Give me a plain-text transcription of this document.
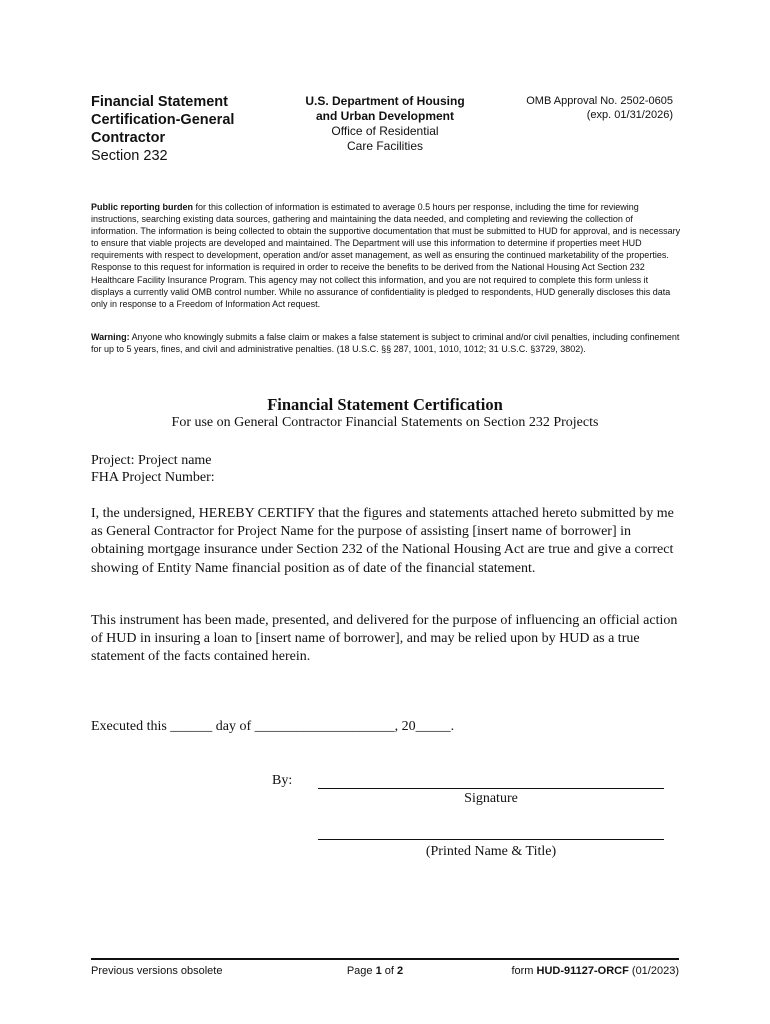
Financial Statement
Certification-General
Contractor
Section 232
U.S. Department of Housing
and Urban Development
Office of Residential
Care Facilities
OMB Approval No. 2502-0605
(exp. 01/31/2026)
Public reporting burden for this collection of information is estimated to average 0.5 hours per response, including the time for reviewing instructions, searching existing data sources, gathering and maintaining the data needed, and completing and reviewing the collection of information. The information is being collected to obtain the supportive documentation that must be submitted to HUD for approval, and is necessary to ensure that viable projects are developed and maintained. The Department will use this information to determine if properties meet HUD requirements with respect to development, operation and/or asset management, as well as ensuring the continued marketability of the properties. Response to this request for information is required in order to receive the benefits to be derived from the National Housing Act Section 232 Healthcare Facility Insurance Program. This agency may not collect this information, and you are not required to complete this form unless it displays a currently valid OMB control number. While no assurance of confidentiality is pledged to respondents, HUD generally discloses this data only in response to a Freedom of Information Act request.
Warning: Anyone who knowingly submits a false claim or makes a false statement is subject to criminal and/or civil penalties, including confinement for up to 5 years, fines, and civil and administrative penalties. (18 U.S.C. §§ 287, 1001, 1010, 1012; 31 U.S.C. §3729, 3802).
Financial Statement Certification
For use on General Contractor Financial Statements on Section 232 Projects
Project: Project name
FHA Project Number:
I, the undersigned, HEREBY CERTIFY that the figures and statements attached hereto submitted by me as General Contractor for Project Name for the purpose of assisting [insert name of borrower] in obtaining mortgage insurance under Section 232 of the National Housing Act are true and give a correct showing of Entity Name financial position as of date of the financial statement.
This instrument has been made, presented, and delivered for the purpose of influencing an official action of HUD in insuring a loan to [insert name of borrower], and may be relied upon by HUD as a true statement of the facts contained herein.
Executed this ______ day of ____________________, 20_____.
By:
Signature
(Printed Name & Title)
Previous versions obsolete	Page 1 of 2	form HUD-91127-ORCF (01/2023)
